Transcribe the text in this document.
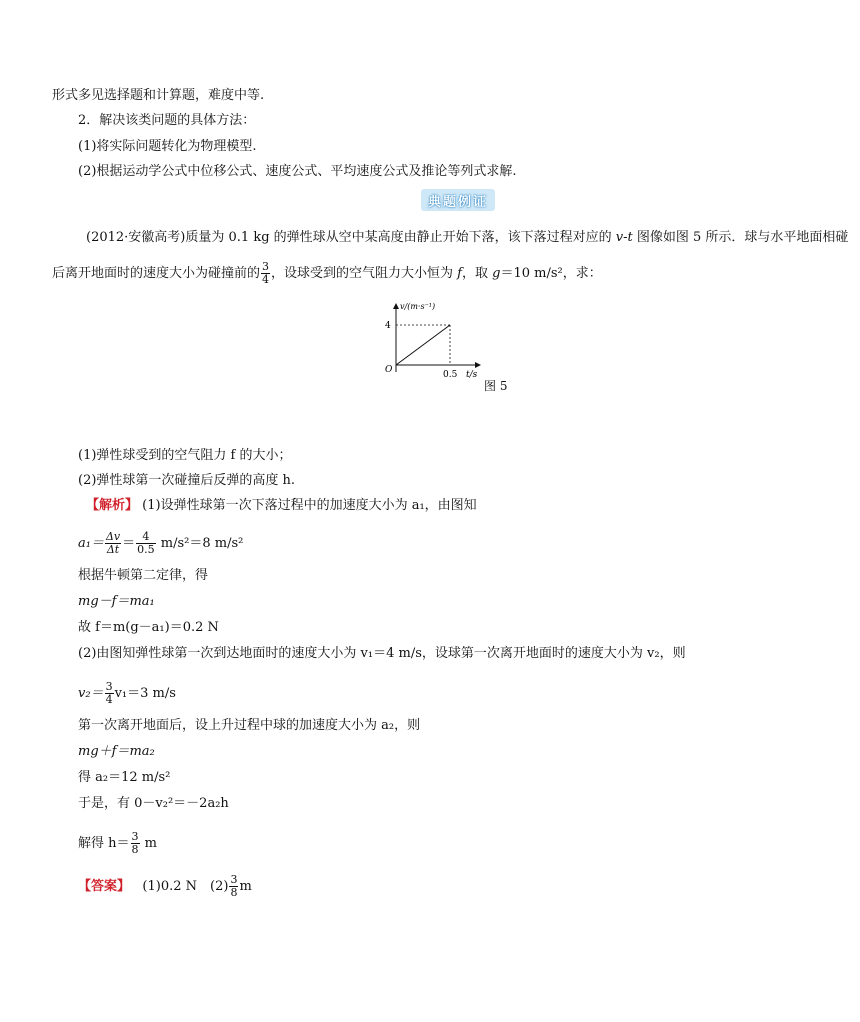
形式多见选择题和计算题，难度中等.
2．解决该类问题的具体方法：
(1)将实际问题转化为物理模型.
(2)根据运动学公式中位移公式、速度公式、平均速度公式及推论等列式求解.
典 题 例 证
(2012·安徽高考)质量为 0.1 kg 的弹性球从空中某高度由静止开始下落，该下落过程对应的 v-t 图像如图 5 所示．球与水平地面相碰
后离开地面时的速度大小为碰撞前的 $\frac{3}{4}$ ，设球受到的空气阻力大小恒为 f，取 g＝10 m/s²，求：
v/(m·s⁻¹)
4
O	0.5 t/s
图 5
(1)弹性球受到的空气阻力 f 的大小；
(2)弹性球第一次碰撞后反弹的高度 h.
【解析】 (1)设弹性球第一次下落过程中的加速度大小为 a₁，由图知
$a_1= \frac{\Delta v}{\Delta t} = \frac{4}{0.5} m/s^2=8$ m/s²
根据牛顿第二定律，得
mg－f＝ma₁
故 f＝m(g－a₁)＝0.2 N
(2)由图知弹性球第一次到达地面时的速度大小为 v₁＝4 m/s，设球第一次离开地面时的速度大小为 v₂，则
$v_2= \frac{3}{4} v_1=3$ m/s
第一次离开地面后，设上升过程中球的加速度大小为 a₂，则
mg＋f＝ma₂
得 a₂＝12 m/s²
于是，有 0－v₂²＝－2a₂h
解得 $h= \frac{3}{8}$ m
【答案】 (1)0.2 N　$(2) \frac{3}{8}$ m
